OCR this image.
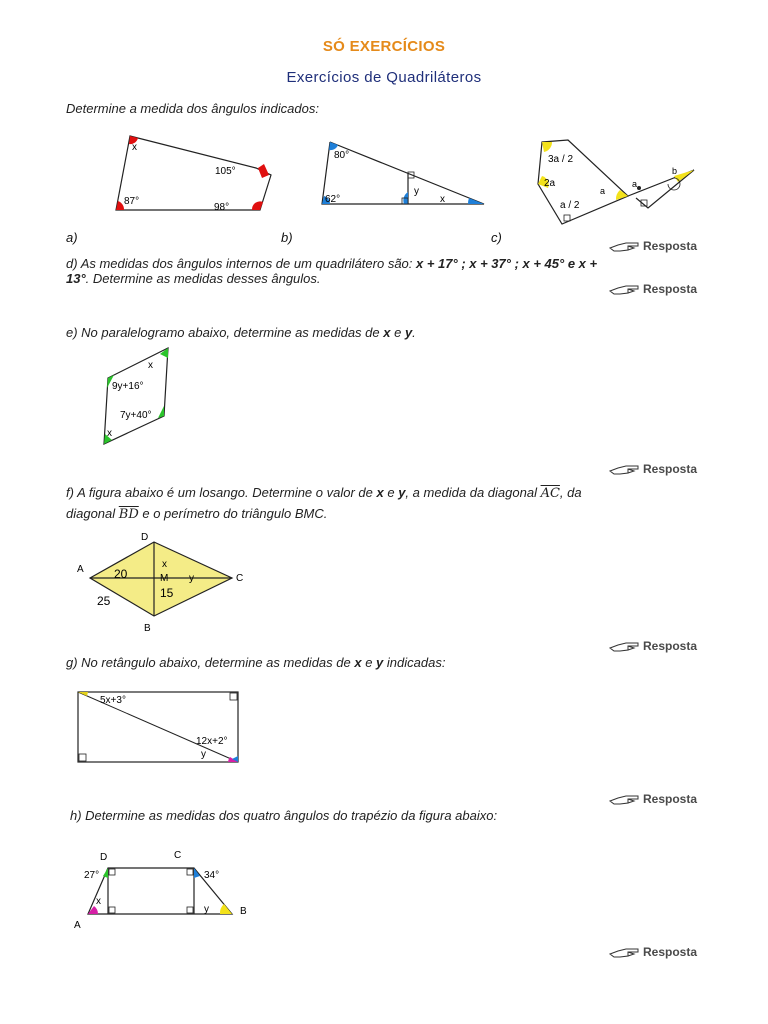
SÓ EXERCÍCIOS
Exercícios de Quadriláteros
Determine a medida dos ângulos indicados:
x
105°
87°
98°
80°
62°
y
x
3a / 2
2a
a
a / 2
a
b
a)	b)	c)
Resposta
d) As medidas dos ângulos internos de um quadrilátero são: x + 17° ; x + 37° ; x + 45° e x +
13°. Determine as medidas desses ângulos.
Resposta
e) No paralelogramo abaixo, determine as medidas de x e y.
x
9y+16°
7y+40°
x
Resposta
f) A figura abaixo é um losango. Determine o valor de x e y, a medida da diagonal $\overline{AC}$, da
diagonal $\overline{BD}$ e o perímetro do triângulo BMC.
A
D
C
B
x
M y
20
25
15
Resposta
g) No retângulo abaixo, determine as medidas de x e y indicadas:
5x+3°
12x+2°
y
Resposta
h) Determine as medidas dos quatro ângulos do trapézio da figura abaixo:
D	C
27°	34°
x
y
A
B
Resposta
